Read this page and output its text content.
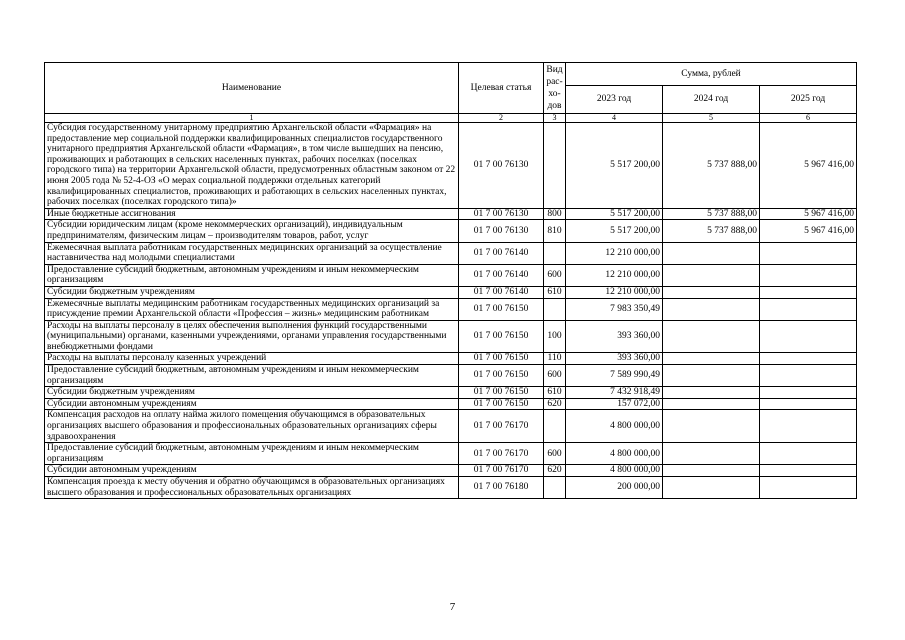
Наименование	Целевая статья	Вид рас-хо-дов	Сумма, рублей		
			2023 год	2024 год	2025 год
1	2	3	4	5	6
Субсидия государственному унитарному предприятию Архангельской области «Фармация» на предоставление мер социальной поддержки квалифицированных специалистов государственного унитарного предприятия Архангельской области «Фармация», в том числе вышедших на пенсию, проживающих и работающих в сельских населенных пунктах, рабочих поселках (поселках городского типа) на территории Архангельской области, предусмотренных областным законом от 22 июня 2005 года № 52-4-ОЗ «О мерах социальной поддержки отдельных категорий квалифицированных специалистов, проживающих и работающих в сельских населенных пунктах, рабочих поселках (поселках городского типа)»	01 7 00 76130		5 517 200,00	5 737 888,00	5 967 416,00
Иные бюджетные ассигнования	01 7 00 76130	800	5 517 200,00	5 737 888,00	5 967 416,00
Субсидии юридическим лицам (кроме некоммерческих организаций), индивидуальным предпринимателям, физическим лицам – производителям товаров, работ, услуг	01 7 00 76130	810	5 517 200,00	5 737 888,00	5 967 416,00
Ежемесячная выплата работникам государственных медицинских организаций за осуществление наставничества над молодыми специалистами	01 7 00 76140		12 210 000,00		
Предоставление субсидий бюджетным, автономным учреждениям и иным некоммерческим организациям	01 7 00 76140	600	12 210 000,00		
Субсидии бюджетным учреждениям	01 7 00 76140	610	12 210 000,00		
Ежемесячные выплаты медицинским работникам государственных медицинских организаций за присуждение премии Архангельской области «Профессия – жизнь» медицинским работникам	01 7 00 76150		7 983 350,49		
Расходы на выплаты персоналу в целях обеспечения выполнения функций государственными (муниципальными) органами, казенными учреждениями, органами управления государственными внебюджетными фондами	01 7 00 76150	100	393 360,00		
Расходы на выплаты персоналу казенных учреждений	01 7 00 76150	110	393 360,00		
Предоставление субсидий бюджетным, автономным учреждениям и иным некоммерческим организациям	01 7 00 76150	600	7 589 990,49		
Субсидии бюджетным учреждениям	01 7 00 76150	610	7 432 918,49		
Субсидии автономным учреждениям	01 7 00 76150	620	157 072,00		
Компенсация расходов на оплату найма жилого помещения обучающимся в образовательных организациях высшего образования и профессиональных образовательных организациях сферы здравоохранения	01 7 00 76170		4 800 000,00		
Предоставление субсидий бюджетным, автономным учреждениям и иным некоммерческим организациям	01 7 00 76170	600	4 800 000,00		
Субсидии автономным учреждениям	01 7 00 76170	620	4 800 000,00		
Компенсация проезда к месту обучения и обратно обучающимся в образовательных организациях высшего образования и профессиональных образовательных организациях	01 7 00 76180		200 000,00		
7
